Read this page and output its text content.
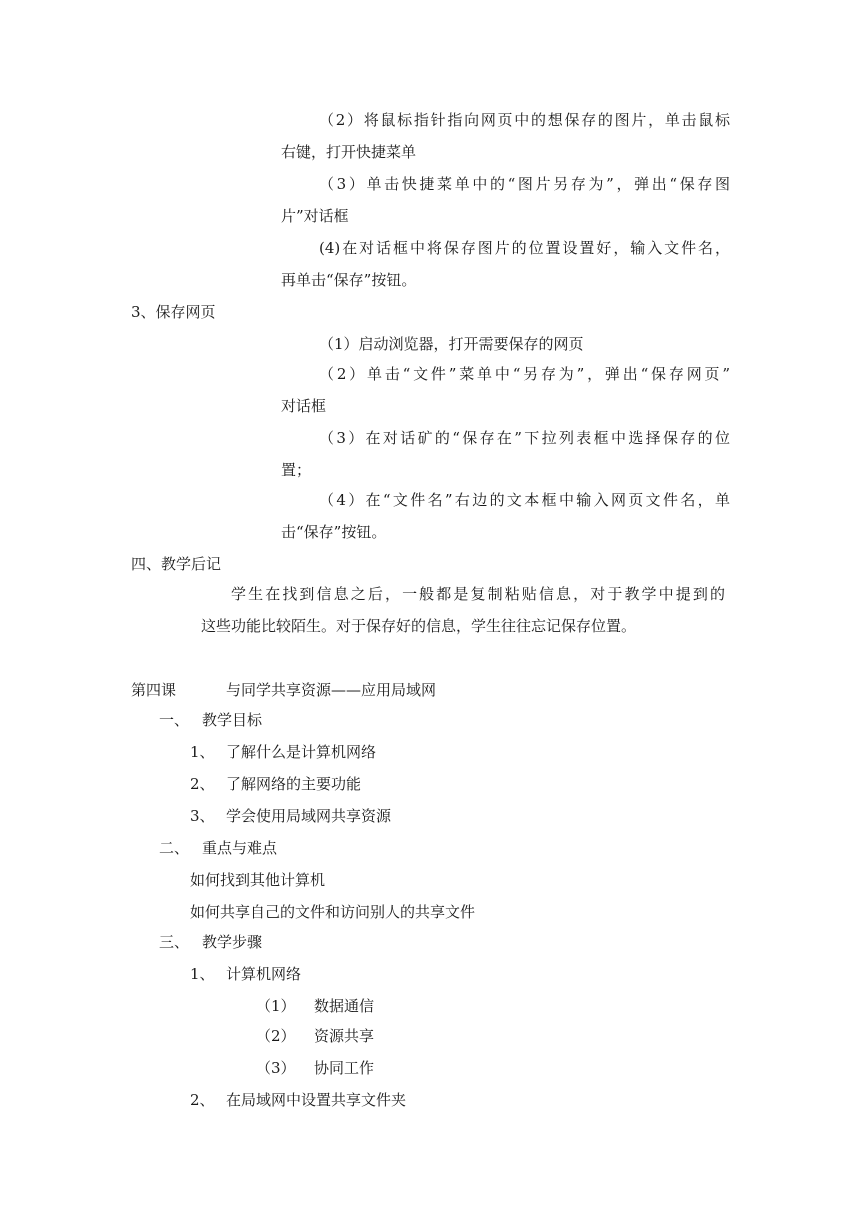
（2）将鼠标指针指向网页中的想保存的图片，单击鼠标
右键，打开快捷菜单
（3）单击快捷菜单中的“图片另存为”，弹出“保存图
片”对话框
(4)在对话框中将保存图片的位置设置好，输入文件名，
再单击“保存”按钮。
3、保存网页
（1）启动浏览器，打开需要保存的网页
（2）单击“文件”菜单中“另存为”，弹出“保存网页”
对话框
（3）在对话矿的“保存在”下拉列表框中选择保存的位
置；
（4）在“文件名”右边的文本框中输入网页文件名，单
击“保存”按钮。
四、教学后记
学生在找到信息之后，一般都是复制粘贴信息，对于教学中提到的
这些功能比较陌生。对于保存好的信息，学生往往忘记保存位置。
第四课	与同学共享资源——应用局域网
一、 教学目标
1、 了解什么是计算机网络
2、 了解网络的主要功能
3、 学会使用局域网共享资源
二、 重点与难点
如何找到其他计算机
如何共享自己的文件和访问别人的共享文件
三、 教学步骤
1、 计算机网络
（1） 数据通信
（2） 资源共享
（3） 协同工作
2、 在局域网中设置共享文件夹
